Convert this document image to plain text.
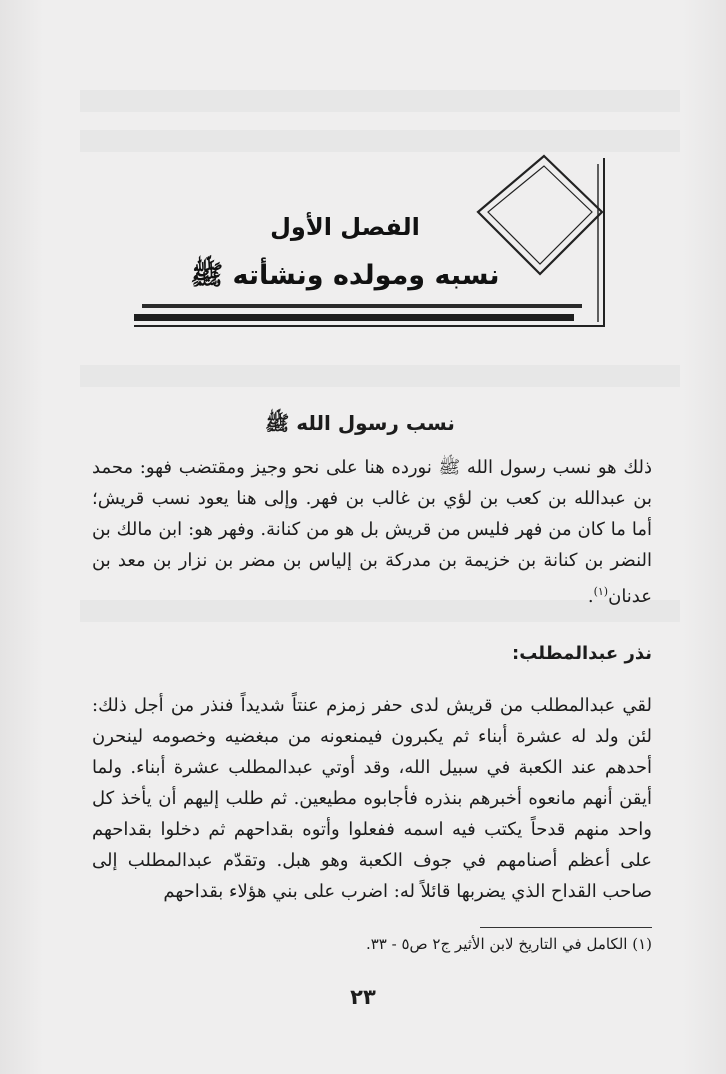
الفصل الأول
نسبه ومولده ونشأته ﷺ
نسب رسول الله ﷺ
ذلك هو نسب رسول الله ﷺ نورده هنا على نحو وجيز ومقتضب فهو: محمد بن عبدالله بن كعب بن لؤي بن غالب بن فهر. وإلى هنا يعود نسب قريش؛ أما ما كان من فهر فليس من قريش بل هو من كنانة. وفهر هو: ابن مالك بن النضر بن كنانة بن خزيمة بن مدركة بن إلياس بن مضر بن نزار بن معد بن عدنان$^{(١)}$.
نذر عبدالمطلب:
لقي عبدالمطلب من قريش لدى حفر زمزم عنتاً شديداً فنذر من أجل ذلك: لئن ولد له عشرة أبناء ثم يكبرون فيمنعونه من مبغضيه وخصومه لينحرن أحدهم عند الكعبة في سبيل الله، وقد أوتي عبدالمطلب عشرة أبناء. ولما أيقن أنهم مانعوه أخبرهم بنذره فأجابوه مطيعين. ثم طلب إليهم أن يأخذ كل واحد منهم قدحاً يكتب فيه اسمه ففعلوا وأتوه بقداحهم ثم دخلوا بقداحهم على أعظم أصنامهم في جوف الكعبة وهو هبل. وتقدّم عبدالمطلب إلى صاحب القداح الذي يضربها قائلاً له: اضرب على بني هؤلاء بقداحهم
(١) الكامل في التاريخ لابن الأثير ج٢ ص٥ - ٣٣.
٢٣
